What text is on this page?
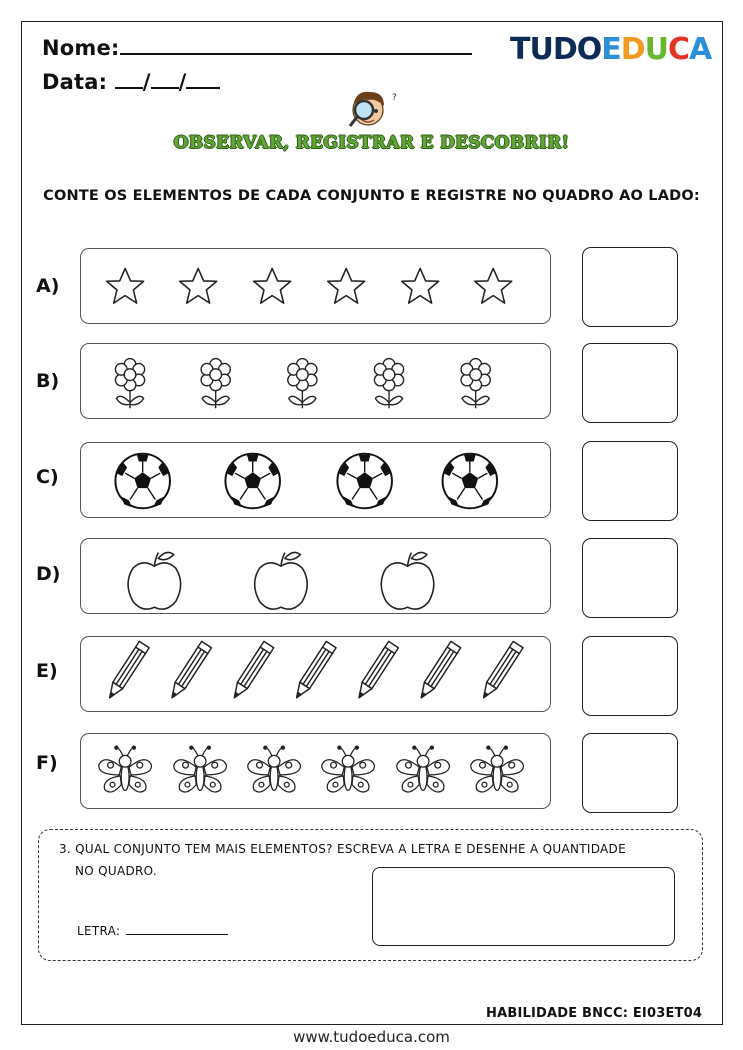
Nome:
Data: / /
TUDOEDUCA
?
OBSERVAR, REGISTRAR E DESCOBRIR!
CONTE OS ELEMENTOS DE CADA CONJUNTO E REGISTRE NO QUADRO AO LADO:
A)
B)
C)
D)
E)
F)
3. QUAL CONJUNTO TEM MAIS ELEMENTOS? ESCREVA A LETRA E DESENHE A QUANTIDADE
NO QUADRO.
LETRA:
HABILIDADE BNCC: EI03ET04
www.tudoeduca.com
